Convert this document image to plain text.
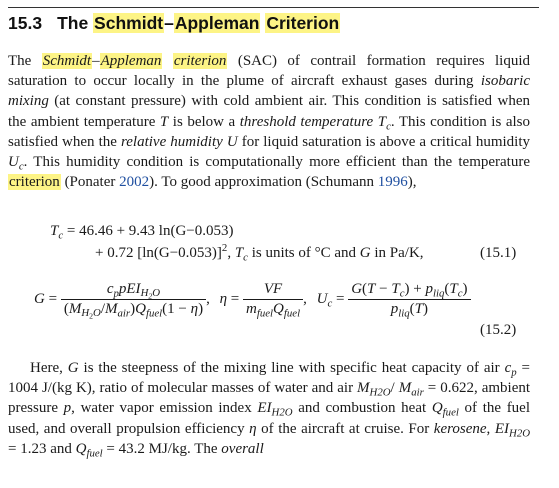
15.3 The Schmidt–Appleman Criterion

The Schmidt–Appleman criterion (SAC) of contrail formation requires liquid saturation to occur locally in the plume of aircraft exhaust gases during isobaric mixing (at constant pressure) with cold ambient air. This condition is satisfied when the ambient temperature T is below a threshold temperature $T_c$. This condition is also satisfied when the relative humidity U for liquid saturation is above a critical humidity $U_c$. This humidity condition is computationally more efficient than the temperature criterion (Ponater 2002). To good approximation (Schumann 1996),

$T_c = 46.46 + 9.43$ ln(G−0.053)
+ 0.72 $[\ln(G-0.053)]^2$, $T_c$ is units of °C and G in Pa/K,	(15.1)
$G = \frac{c_ppEI_{H_2O}}{(M_{H_2O}/M_{air})Q_{fuel}(1 - \eta)}$ , $\eta = \frac{VF}{m_{fuel}Q_{fuel}}$ , $U_c = \frac{G(T - T_c) + p_{liq}(T_c)}{p_{liq}(T)}$
(15.2)

Here, G is the steepness of the mixing line with specific heat capacity of air $c_p = 1004$ J/(kg K), ratio of molecular masses of water and air $M_{H2O}/$ $M_{air} = 0.622$, ambient pressure p, water vapor emission index $EI_{H2O}$ and combustion heat $Q_{fuel}$ of the fuel used, and overall propulsion efficiency η of the aircraft at cruise. For kerosene, $EI_{H2O} = 1.23$ and $Q_{fuel} = 43.2$ MJ/kg. The overall
